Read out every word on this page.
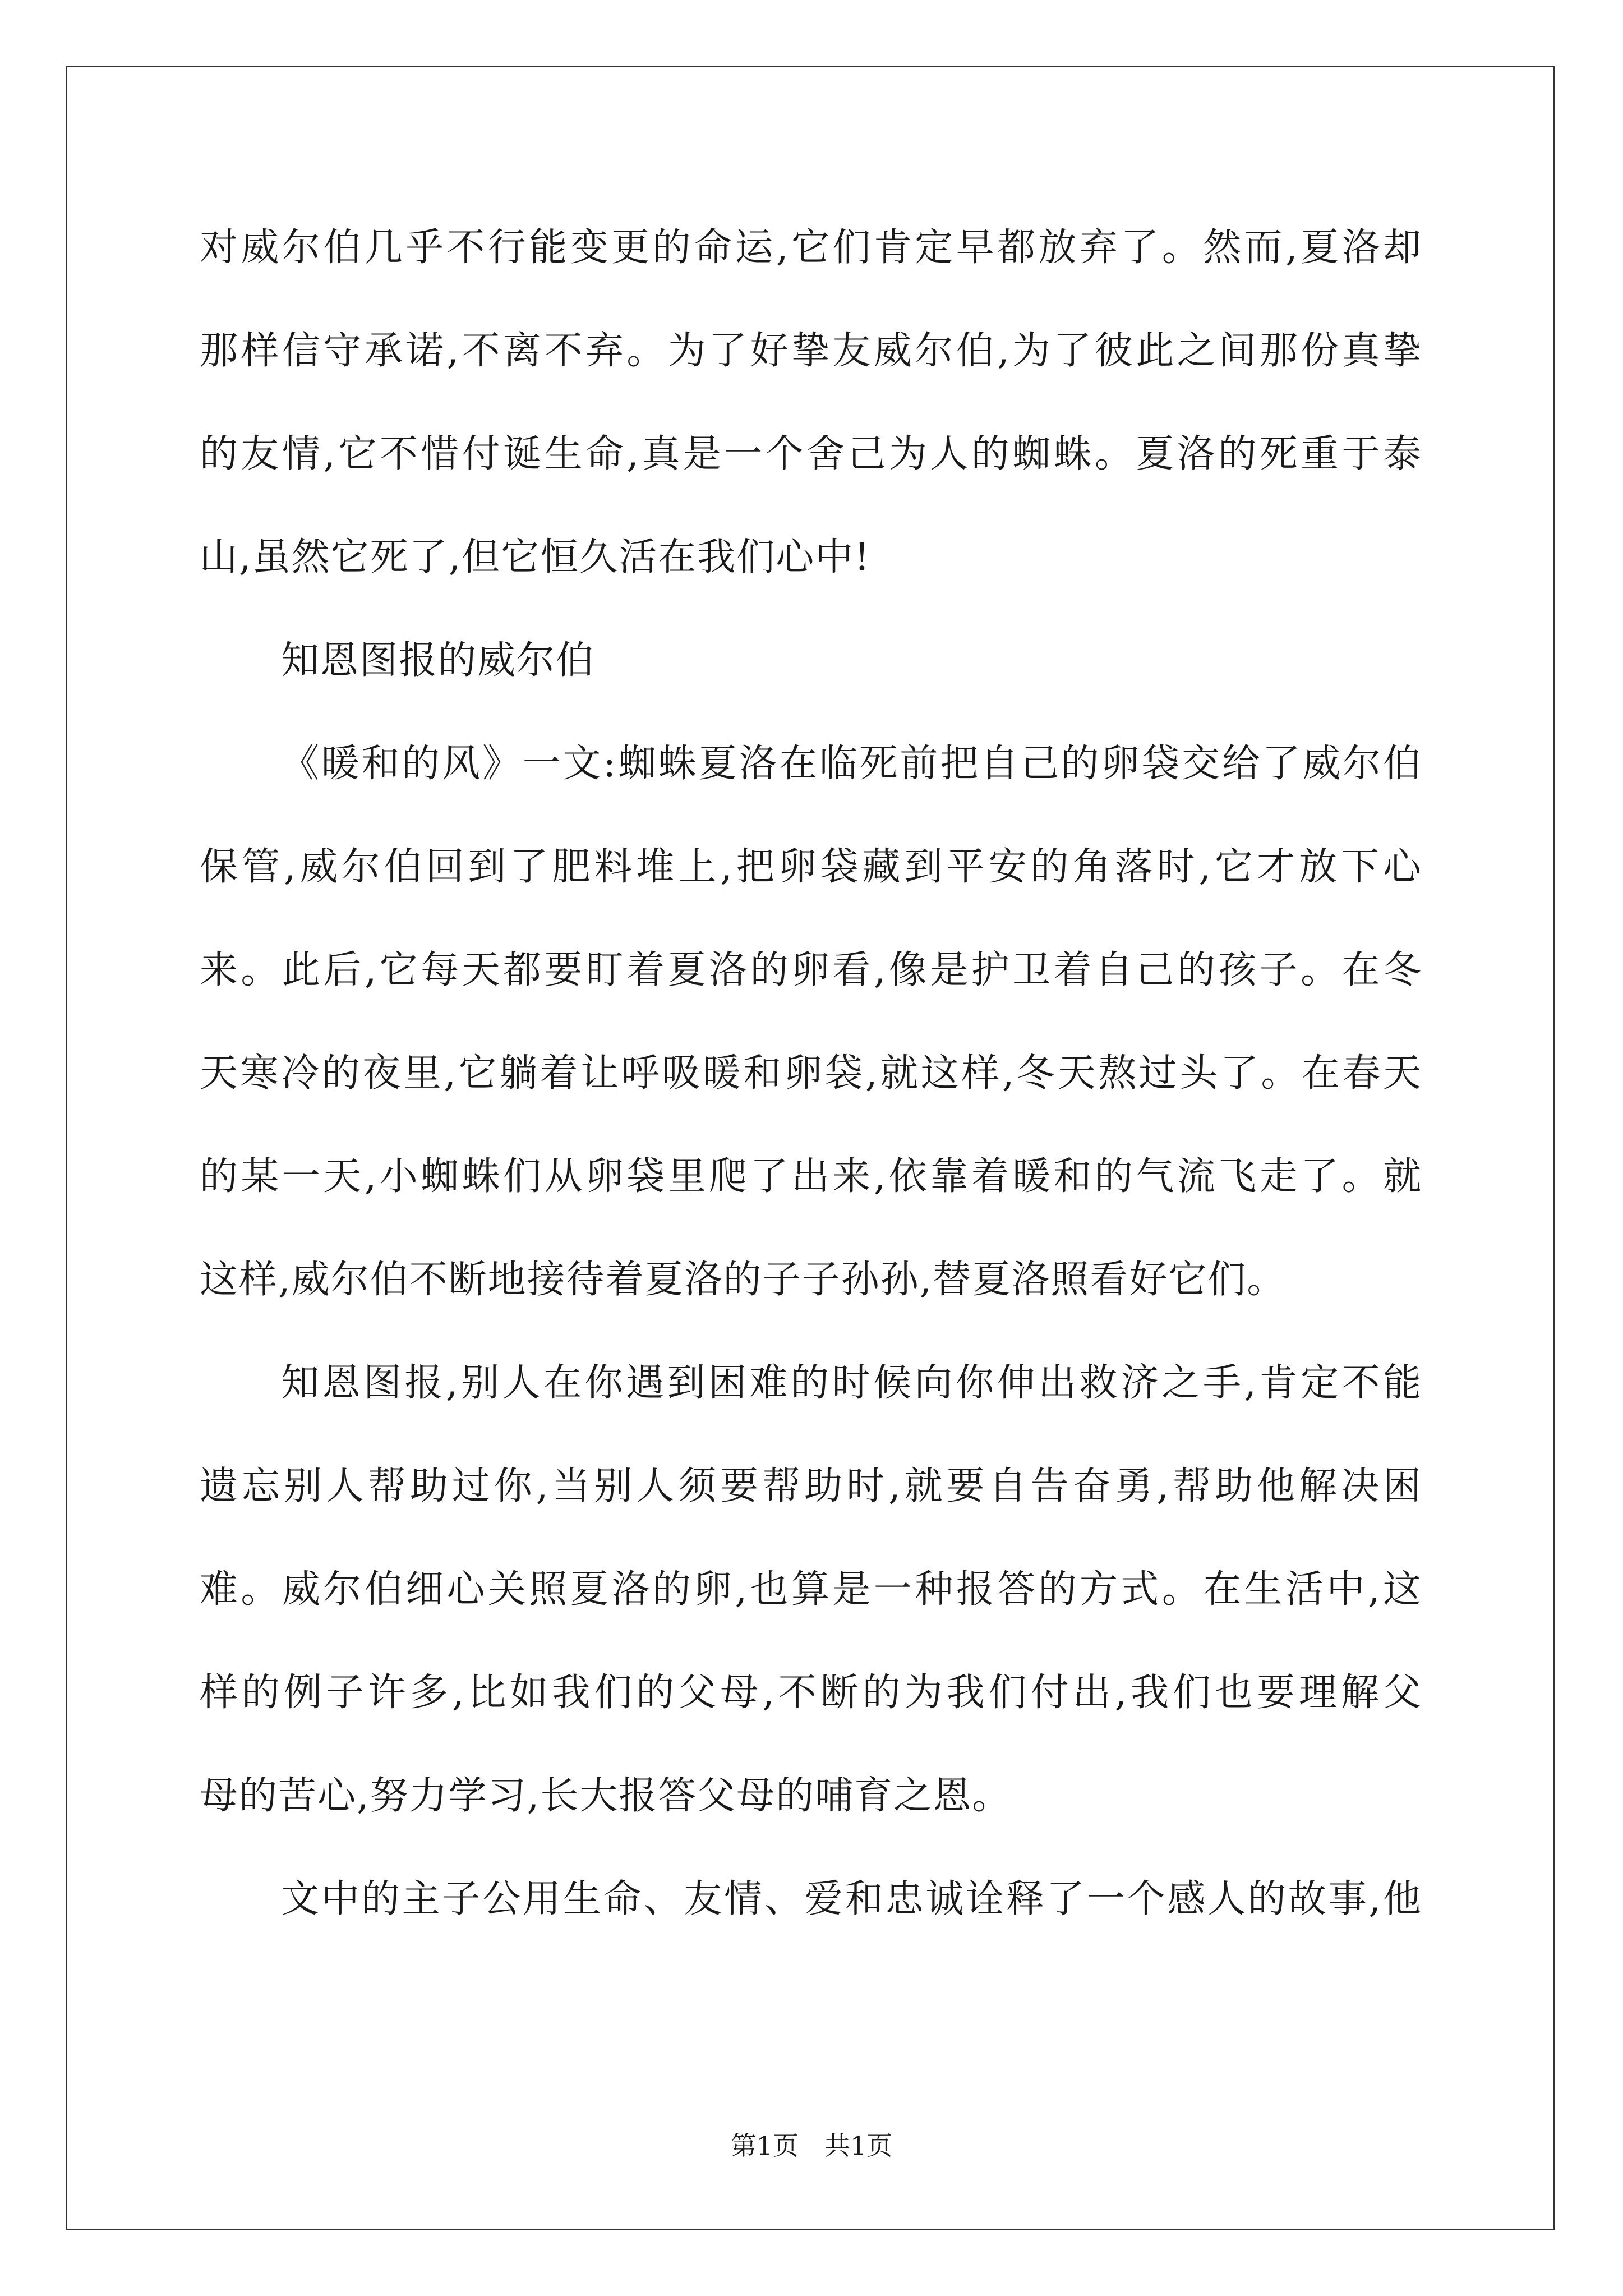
对威尔伯几乎不行能变更的命运,它们肯定早都放弃了。然而,夏洛却
那样信守承诺,不离不弃。为了好挚友威尔伯,为了彼此之间那份真挚
的友情,它不惜付诞生命,真是一个舍己为人的蜘蛛。夏洛的死重于泰
山,虽然它死了,但它恒久活在我们心中!
知恩图报的威尔伯
《暖和的风》一文:蜘蛛夏洛在临死前把自己的卵袋交给了威尔伯
保管,威尔伯回到了肥料堆上,把卵袋藏到平安的角落时,它才放下心
来。此后,它每天都要盯着夏洛的卵看,像是护卫着自己的孩子。在冬
天寒冷的夜里,它躺着让呼吸暖和卵袋,就这样,冬天熬过头了。在春天
的某一天,小蜘蛛们从卵袋里爬了出来,依靠着暖和的气流飞走了。就
这样,威尔伯不断地接待着夏洛的子子孙孙,替夏洛照看好它们。
知恩图报,别人在你遇到困难的时候向你伸出救济之手,肯定不能
遗忘别人帮助过你,当别人须要帮助时,就要自告奋勇,帮助他解决困
难。威尔伯细心关照夏洛的卵,也算是一种报答的方式。在生活中,这
样的例子许多,比如我们的父母,不断的为我们付出,我们也要理解父
母的苦心,努力学习,长大报答父母的哺育之恩。
文中的主子公用生命、友情、爱和忠诚诠释了一个感人的故事,他
第1页　共1页
